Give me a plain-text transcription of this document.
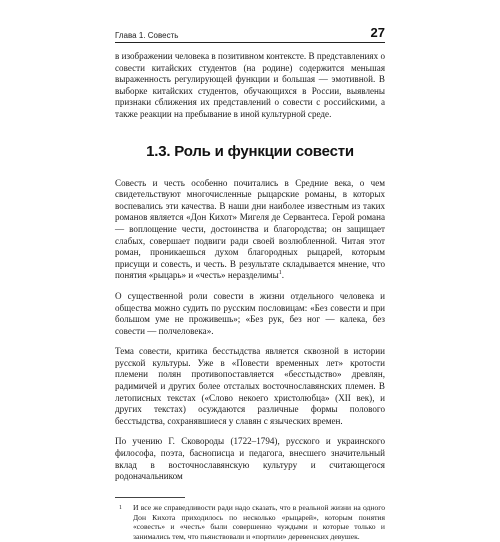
Глава 1. Совесть	27

в изображении человека в позитивном контексте. В представлениях о совести китайских студентов (на родине) содержится меньшая выраженность регулирующей функции и большая — эмотивной. В выборке китайских студентов, обучающихся в России, выявлены признаки сближения их представлений о совести с российскими, а также реакции на пребывание в иной культурной среде.

1.3. Роль и функции совести

Совесть и честь особенно почитались в Средние века, о чем свидетельствуют многочисленные рыцарские романы, в которых воспевались эти качества. В наши дни наиболее известным из таких романов является «Дон Кихот» Мигеля де Сервантеса. Герой романа — воплощение чести, достоинства и благородства; он защищает слабых, совершает подвиги ради своей возлюбленной. Читая этот роман, проникаешься духом благородных рыцарей, которым присущи и совесть, и честь. В результате складывается мнение, что понятия «рыцарь» и «честь» неразделимы$^1$.

О существенной роли совести в жизни отдельного человека и общества можно судить по русским пословицам: «Без совести и при большом уме не проживешь»; «Без рук, без ног — калека, без совести — полчеловека».

Тема совести, критика бесстыдства является сквозной в истории русской культуры. Уже в «Повести временных лет» кротости племени полян противопоставляется «бесстыдство» древлян, радимичей и других более отсталых восточнославянских племен. В летописных текстах («Слово некоего христолюбца» (XII век), и других текстах) осуждаются различные формы полового бесстыдства, сохранявшиеся у славян с языческих времен.

По учению Г. Сковороды (1722–1794), русского и украинского философа, поэта, баснописца и педагога, внесшего значительный вклад в восточнославянскую культуру и считающегося родоначальником

1	И все же справедливости ради надо сказать, что в реальной жизни на одного Дон Кихота приходилось по несколько «рыцарей», которым понятия «совесть» и «честь» были совершенно чуждыми и которые только и занимались тем, что пьянствовали и «портили» деревенских девушек.
